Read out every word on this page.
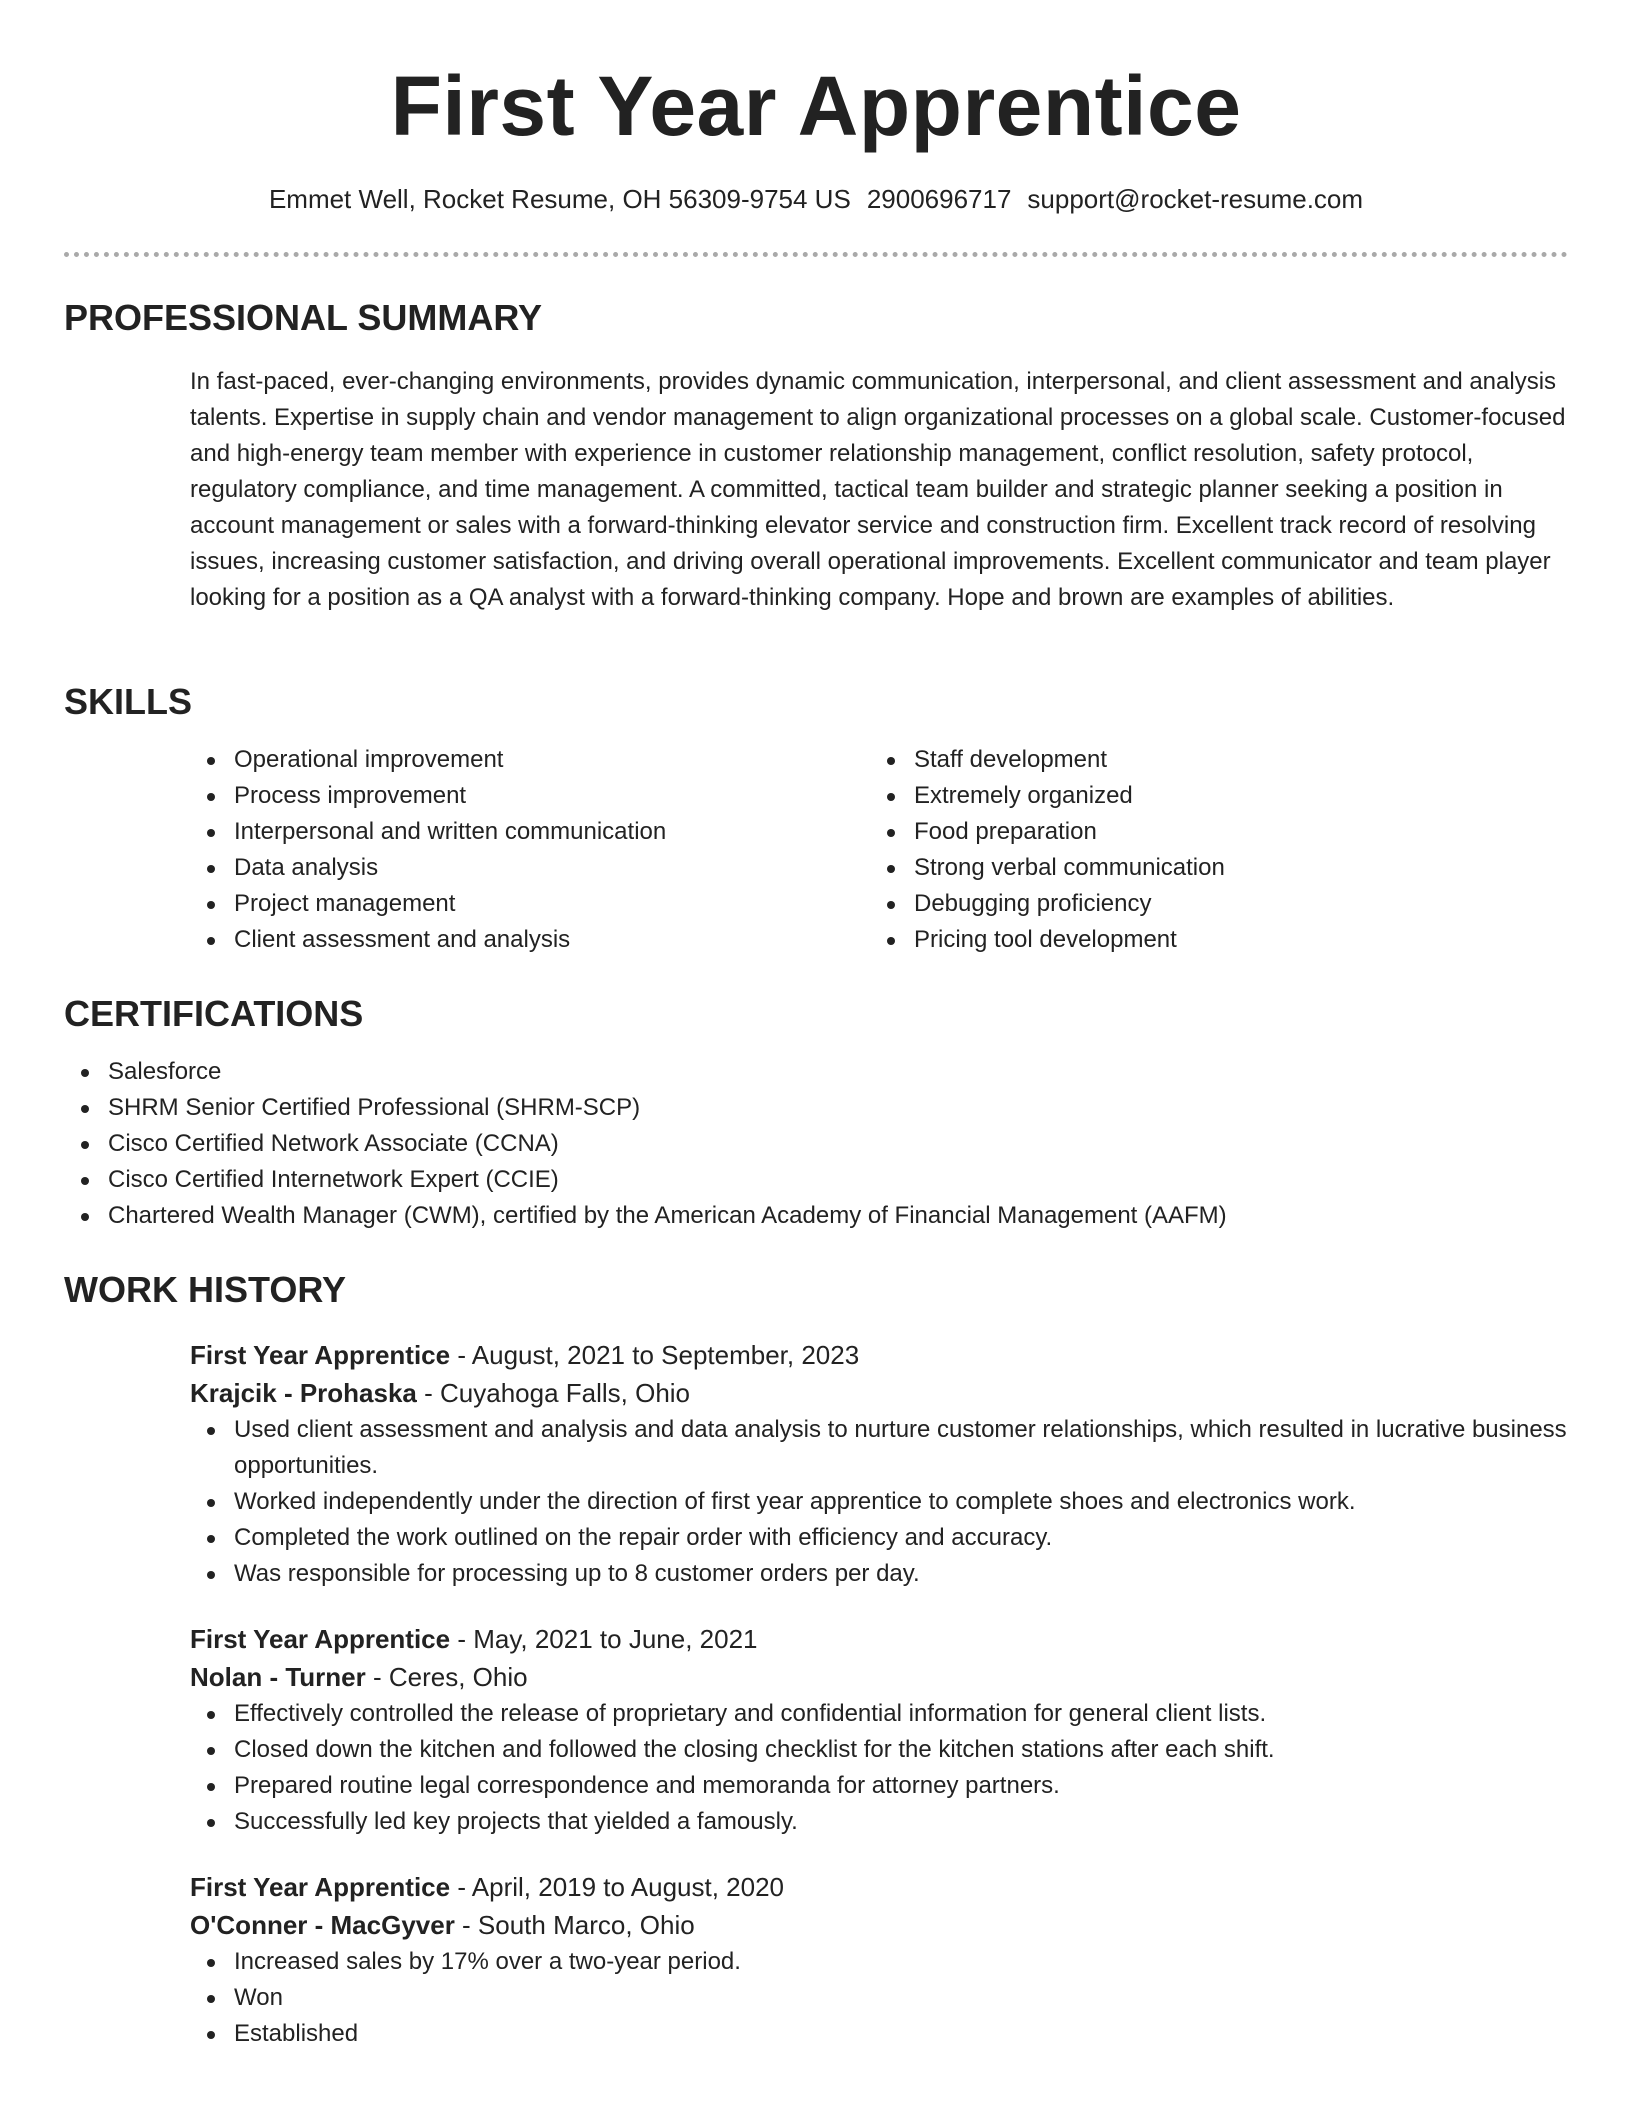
First Year Apprentice
Emmet Well, Rocket Resume, OH 56309-9754 US 2900696717 support@rocket-resume.com
PROFESSIONAL SUMMARY

In fast-paced, ever-changing environments, provides dynamic communication, interpersonal, and client assessment and analysis talents. Expertise in supply chain and vendor management to align organizational processes on a global scale. Customer-focused and high-energy team member with experience in customer relationship management, conflict resolution, safety protocol, regulatory compliance, and time management. A committed, tactical team builder and strategic planner seeking a position in account management or sales with a forward-thinking elevator service and construction firm. Excellent track record of resolving issues, increasing customer satisfaction, and driving overall operational improvements. Excellent communicator and team player looking for a position as a QA analyst with a forward-thinking company. Hope and brown are examples of abilities.

SKILLS
Operational improvement
Process improvement
Interpersonal and written communication
Data analysis
Project management
Client assessment and analysis
Staff development
Extremely organized
Food preparation
Strong verbal communication
Debugging proficiency
Pricing tool development
CERTIFICATIONS
Salesforce
SHRM Senior Certified Professional (SHRM-SCP)
Cisco Certified Network Associate (CCNA)
Cisco Certified Internetwork Expert (CCIE)
Chartered Wealth Manager (CWM), certified by the American Academy of Financial Management (AAFM)
WORK HISTORY
First Year Apprentice - August, 2021 to September, 2023
Krajcik - Prohaska - Cuyahoga Falls, Ohio
Used client assessment and analysis and data analysis to nurture customer relationships, which resulted in lucrative business opportunities.
Worked independently under the direction of first year apprentice to complete shoes and electronics work.
Completed the work outlined on the repair order with efficiency and accuracy.
Was responsible for processing up to 8 customer orders per day.
First Year Apprentice - May, 2021 to June, 2021
Nolan - Turner - Ceres, Ohio
Effectively controlled the release of proprietary and confidential information for general client lists.
Closed down the kitchen and followed the closing checklist for the kitchen stations after each shift.
Prepared routine legal correspondence and memoranda for attorney partners.
Successfully led key projects that yielded a famously.
First Year Apprentice - April, 2019 to August, 2020
O'Conner - MacGyver - South Marco, Ohio
Increased sales by 17% over a two-year period.
Won
Established
